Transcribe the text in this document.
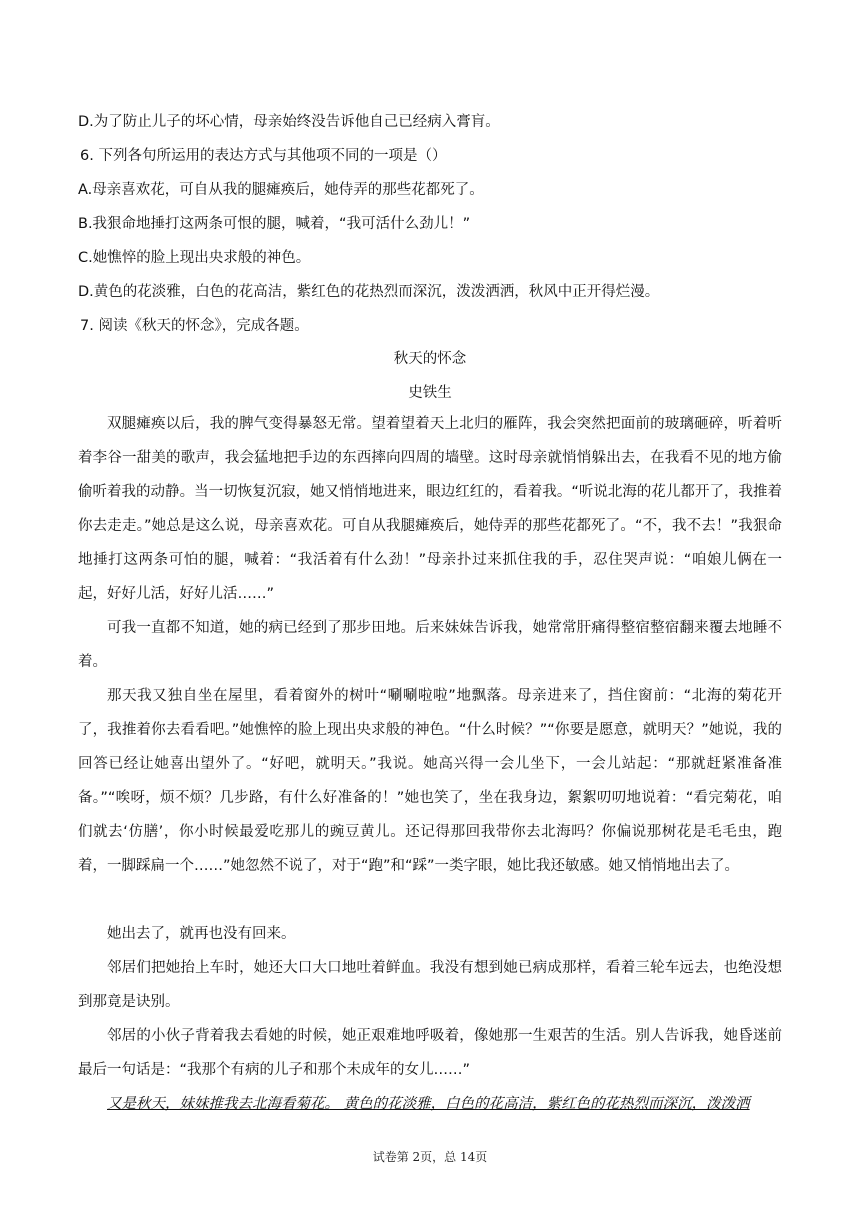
D.为了防止儿子的坏心情，母亲始终没告诉他自己已经病入膏肓。
6. 下列各句所运用的表达方式与其他项不同的一项是（）
A.母亲喜欢花，可自从我的腿瘫痪后，她侍弄的那些花都死了。
B.我狠命地捶打这两条可恨的腿，喊着，“我可活什么劲儿！”
C.她憔悴的脸上现出央求般的神色。
D.黄色的花淡雅，白色的花高洁，紫红色的花热烈而深沉，泼泼洒洒，秋风中正开得烂漫。
7. 阅读《秋天的怀念》，完成各题。
秋天的怀念
史铁生
双腿瘫痪以后，我的脾气变得暴怒无常。望着望着天上北归的雁阵，我会突然把面前的玻璃砸碎，听着听着李谷一甜美的歌声，我会猛地把手边的东西摔向四周的墙壁。这时母亲就悄悄躲出去，在我看不见的地方偷偷听着我的动静。当一切恢复沉寂，她又悄悄地进来，眼边红红的，看着我。“听说北海的花儿都开了，我推着你去走走。”她总是这么说，母亲喜欢花。可自从我腿瘫痪后，她侍弄的那些花都死了。“不，我不去！”我狠命地捶打这两条可怕的腿，喊着：“我活着有什么劲！”母亲扑过来抓住我的手，忍住哭声说：“咱娘儿俩在一起，好好儿活，好好儿活……”
可我一直都不知道，她的病已经到了那步田地。后来妹妹告诉我，她常常肝痛得整宿整宿翻来覆去地睡不着。
那天我又独自坐在屋里，看着窗外的树叶“唰唰啦啦”地飘落。母亲进来了，挡住窗前：“北海的菊花开了，我推着你去看看吧。”她憔悴的脸上现出央求般的神色。“什么时候？”“你要是愿意，就明天？”她说，我的回答已经让她喜出望外了。“好吧，就明天。”我说。她高兴得一会儿坐下，一会儿站起：“那就赶紧准备准备。”“唉呀，烦不烦？几步路，有什么好准备的！”她也笑了，坐在我身边，絮絮叨叨地说着：“看完菊花，咱们就去‘仿膳’，你小时候最爱吃那儿的豌豆黄儿。还记得那回我带你去北海吗？你偏说那树花是毛毛虫，跑着，一脚踩扁一个……”她忽然不说了，对于“跑”和“踩”一类字眼，她比我还敏感。她又悄悄地出去了。
她出去了，就再也没有回来。
邻居们把她抬上车时，她还大口大口地吐着鲜血。我没有想到她已病成那样，看着三轮车远去，也绝没想到那竟是诀别。
邻居的小伙子背着我去看她的时候，她正艰难地呼吸着，像她那一生艰苦的生活。别人告诉我，她昏迷前最后一句话是：“我那个有病的儿子和那个未成年的女儿……”
又是秋天，妹妹推我去北海看菊花。 黄色的花淡雅，白色的花高洁，紫红色的花热烈而深沉，泼泼洒
试卷第 2页，总 14页
